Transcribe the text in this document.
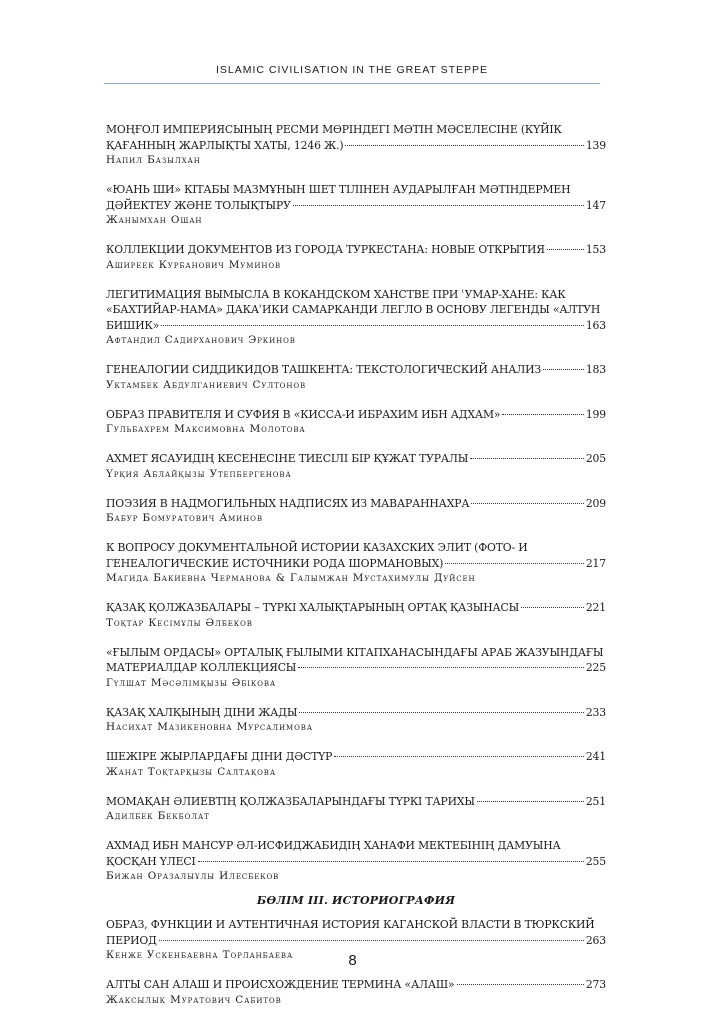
ISLAMIC CIVILISATION IN THE GREAT STEPPE
МОҢҒОЛ ИМПЕРИЯСЫНЫҢ РЕСМИ МӨРІНДЕГІ МӘТІН МӘСЕЛЕСІНЕ (КҮЙІК
ҚАҒАННЫҢ ЖАРЛЫҚТЫ ХАТЫ, 1246 Ж.)	139
Напил Базылхан
«ЮАНЬ ШИ» КІТАБЫ МАЗМҰНЫН ШЕТ ТІЛІНЕН АУДАРЫЛҒАН МӘТІНДЕРМЕН
ДӘЙЕКТЕУ ЖӘНЕ ТОЛЫҚТЫРУ	147
Жанымхан Ошан
КОЛЛЕКЦИИ ДОКУМЕНТОВ ИЗ ГОРОДА ТУРКЕСТАНА: НОВЫЕ ОТКРЫТИЯ	153
Аширеек Курбанович Муминов
ЛЕГИТИМАЦИЯ ВЫМЫСЛА В КОКАНДСКОМ ХАНСТВЕ ПРИ ʿУМАР-ХАНЕ: КАК
«БАХТИЙАР-НАМА» ДАКАʾИКИ САМАРКАНДИ ЛЕГЛО В ОСНОВУ ЛЕГЕНДЫ «АЛТУН
БИШИК»	163
Афтандил Садирханович Эркинов
ГЕНЕАЛОГИИ СИДДИКИДОВ ТАШКЕНТА: ТЕКСТОЛОГИЧЕСКИЙ АНАЛИЗ	183
Уктамбек Абдулганиевич Султонов
ОБРАЗ ПРАВИТЕЛЯ И СУФИЯ В «КИССА-И ИБРАХИМ ИБН АДХАМ»	199
Гульбахрем Максимовна Молотова
АХМЕТ ЯСАУИДІҢ КЕСЕНЕСІНЕ ТИЕСІЛІ БІР ҚҰЖАТ ТУРАЛЫ	205
Үрқия Аблайқызы Утепбергенова
ПОЭЗИЯ В НАДМОГИЛЬНЫХ НАДПИСЯХ ИЗ МАВАРАННАХРА	209
Бабур Бомуратович Аминов
К ВОПРОСУ ДОКУМЕНТАЛЬНОЙ ИСТОРИИ КАЗАХСКИХ ЭЛИТ (ФОТО- И
ГЕНЕАЛОГИЧЕСКИЕ ИСТОЧНИКИ РОДА ШОРМАНОВЫХ)	217
Магида Бакиевна Черманова & Галымжан Мустахимулы Дуйсен
ҚАЗАҚ ҚОЛЖАЗБАЛАРЫ – ТҮРКІ ХАЛЫҚТАРЫНЫҢ ОРТАҚ ҚАЗЫНАСЫ	221
Тоқтар Кесімұлы Әлбеков
«ҒЫЛЫМ ОРДАСЫ» ОРТАЛЫҚ ҒЫЛЫМИ КІТАПХАНАСЫНДАҒЫ АРАБ ЖАЗУЫНДАҒЫ
МАТЕРИАЛДАР КОЛЛЕКЦИЯСЫ	225
Гүлшат Мәсәлімқызы Әбікова
ҚАЗАҚ ХАЛҚЫНЫҢ ДІНИ ЖАДЫ	233
Насихат Мазикеновна Мурсалимова
ШЕЖІРЕ ЖЫРЛАРДАҒЫ ДІНИ ДӘСТҮР	241
Жанат Тоқтарқызы Салтақова
МОМАҚАН ӘЛИЕВТІҢ ҚОЛЖАЗБАЛАРЫНДАҒЫ ТҮРКІ ТАРИХЫ	251
Адилбек Бекболат
АХМАД ИБН МАНСУР ӘЛ-ИСФИДЖАБИДІҢ ХАНАФИ МЕКТЕБІНІҢ ДАМУЫНА
ҚОСҚАН ҮЛЕСІ	255
Бижан Оразалыұлы Илесбеков
БӨЛІМ III. ИСТОРИОГРАФИЯ
ОБРАЗ, ФУНКЦИИ И АУТЕНТИЧНАЯ ИСТОРИЯ КАГАНСКОЙ ВЛАСТИ В ТЮРКСКИЙ
ПЕРИОД	263
Кенже Ускенбаевна Торланбаева
АЛТЫ САН АЛАШ И ПРОИСХОЖДЕНИЕ ТЕРМИНА «АЛАШ»	273
Жаксылык Муратович Сабитов
8
